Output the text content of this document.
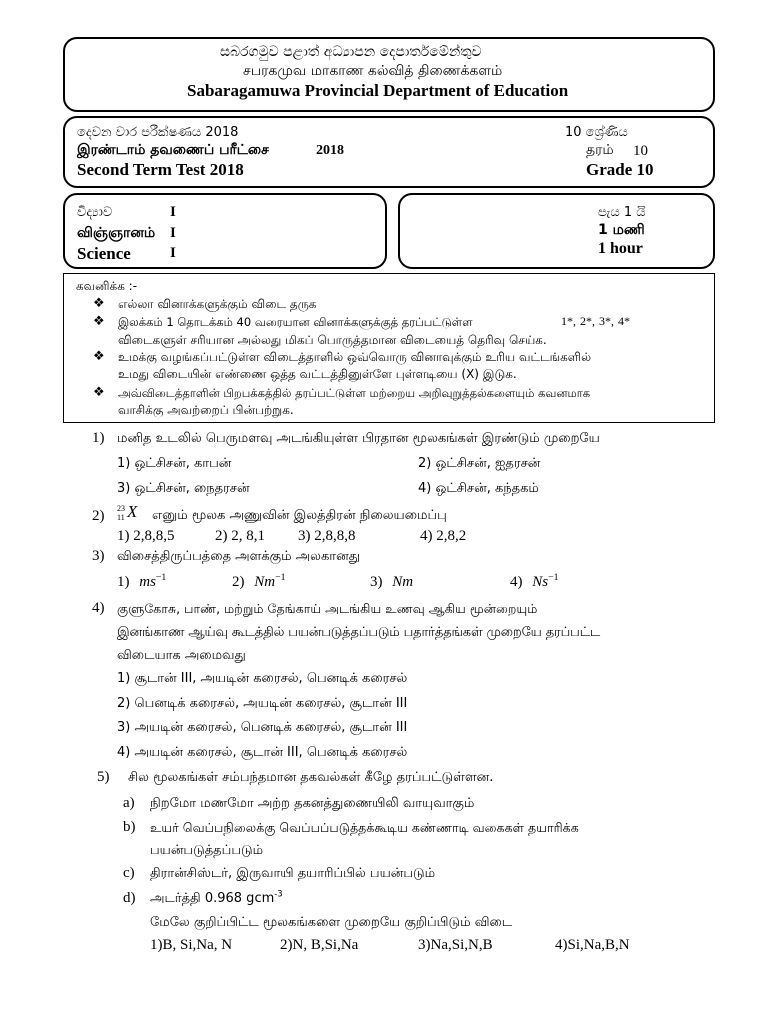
සබරගමුව පළාත් අධ්‍යාපන දෙපාර්තමේන්තුව
சபரகமுவ மாகாண கல்வித் திணைக்களம்
Sabaragamuwa Provincial Department of Education
දෙවන වාර පරීක්ෂණය 2018
இரண்டாம் தவணைப் பரீட்சை	2018
Second Term Test 2018
10 ශ්‍රේණිය
தரம் 10
Grade 10
විද්‍යාව	I
விஞ்ஞானம் I
Science	I
පැය 1 යි
1 மணி
1 hour
கவனிக்க :-
❖ எல்லா வினாக்களுக்கும் விடை தருக
❖ இலக்கம் 1 தொடக்கம் 40 வரையான வினாக்களுக்குத் தரப்பட்டுள்ள	 1*,  2*,  3*,  4*
விடைகளுள் சரியான அல்லது மிகப் பொருத்தமான விடையைத் தெரிவு செய்க.
❖ உமக்கு வழங்கப்பட்டுள்ள விடைத்தாளில் ஒவ்வொரு வினாவுக்கும் உரிய வட்டங்களில்
உமது விடையின் எண்ணை ஒத்த வட்டத்தினுள்ளே புள்ளடியை (X) இடுக.
❖ அவ்விடைத்தாளின் பிறபக்கத்தில் தரப்பட்டுள்ள மற்றைய அறிவுறுத்தல்களையும் கவனமாக
வாசிக்கு அவற்றைப் பின்பற்றுக.
1) மனித உடலில் பெருமளவு அடங்கியுள்ள பிரதான மூலகங்கள் இரண்டும் முறையே
1) ஒட்சிசன், காபன்	2) ஒட்சிசன், ஐதரசன்
3) ஒட்சிசன், நைதரசன்	4) ஒட்சிசன், கந்தகம்
2) 23
11 X எனும் மூலக அணுவின் இலத்திரன் நிலையமைப்பு
1) 2,8,8,5	2) 2, 8,1 3) 2,8,8,8	4) 2,8,2
3) விசைத்திருப்பத்தை அளக்கும் அலகானது
1) $ms^{-1}$	2) $Nm^{-1}$	3) Nm	4) $Ns^{-1}$
4) குளுகோசு, பாண், மற்றும் தேங்காய் அடங்கிய உணவு ஆகிய மூன்றையும்
இனங்காண ஆய்வு கூடத்தில் பயன்படுத்தப்படும் பதார்த்தங்கள் முறையே தரப்பட்ட
விடையாக அமைவது
1) சூடான் III, அயடின் கரைசல், பெனடிக் கரைசல்
2) பெனடிக் கரைசல், அயடின் கரைசல், சூடான் III
3) அயடின் கரைசல், பெனடிக் கரைசல், சூடான் III
4) அயடின் கரைசல், சூடான் III, பெனடிக் கரைசல்
5) சில மூலகங்கள் சம்பந்தமான தகவல்கள் கீழே தரப்பட்டுள்ளன.
a) நிறமோ மணமோ அற்ற தகனத்துணையிலி வாயுவாகும்
b) உயர் வெப்பநிலைக்கு வெப்பப்படுத்தக்கூடிய கண்ணாடி வகைகள் தயாரிக்க
பயன்படுத்தப்படும்
c) திரான்சிஸ்டர், இருவாயி தயாரிப்பில் பயன்படும்
d) அடர்த்தி 0.968 gcm$^{-3}$
மேலே குறிப்பிட்ட மூலகங்களை முறையே குறிப்பிடும் விடை
1)B, Si,Na, N	2)N, B,Si,Na	3)Na,Si,N,B	4)Si,Na,B,N
